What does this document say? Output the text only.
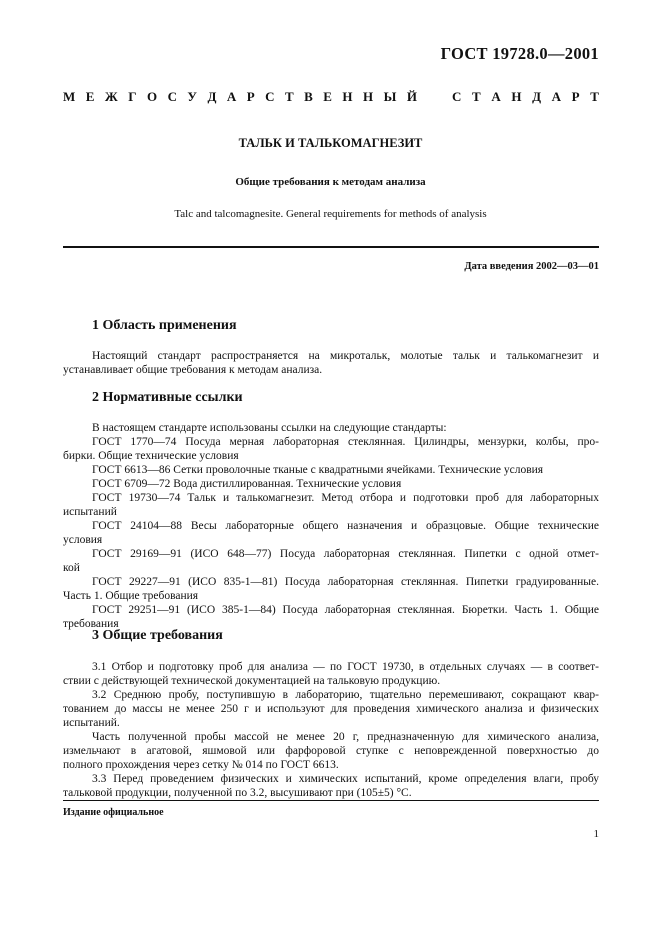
ГОСТ 19728.0—2001
М Е Ж Г О С У Д А Р С Т В Е Н Н Ы Й	С Т А Н Д А Р Т
ТАЛЬК И ТАЛЬКОМАГНЕЗИТ
Общие требования к методам анализа
Talc and talcomagnesite. General requirements for methods of analysis
Дата введения 2002—03—01
1 Область применения
Настоящий стандарт распространяется на микротальк, молотые тальк и талькомагнезит и
устанавливает общие требования к методам анализа.
2 Нормативные ссылки
В настоящем стандарте использованы ссылки на следующие стандарты:
ГОСТ 1770—74 Посуда мерная лабораторная стеклянная. Цилиндры, мензурки, колбы, про-
бирки. Общие технические условия
ГОСТ 6613—86 Сетки проволочные тканые с квадратными ячейками. Технические условия
ГОСТ 6709—72 Вода дистиллированная. Технические условия
ГОСТ 19730—74 Тальк и талькомагнезит. Метод отбора и подготовки проб для лабораторных
испытаний
ГОСТ 24104—88 Весы лабораторные общего назначения и образцовые. Общие технические
условия
ГОСТ 29169—91 (ИСО 648—77) Посуда лабораторная стеклянная. Пипетки с одной отмет-
кой
ГОСТ 29227—91 (ИСО 835-1—81) Посуда лабораторная стеклянная. Пипетки градуированные.
Часть 1. Общие требования
ГОСТ 29251—91 (ИСО 385-1—84) Посуда лабораторная стеклянная. Бюретки. Часть 1. Общие
требования
3 Общие требования
3.1 Отбор и подготовку проб для анализа — по ГОСТ 19730, в отдельных случаях — в соответ-
ствии с действующей технической документацией на тальковую продукцию.
3.2 Среднюю пробу, поступившую в лабораторию, тщательно перемешивают, сокращают квар-
тованием до массы не менее 250 г и используют для проведения химического анализа и физических
испытаний.
Часть полученной пробы массой не менее 20 г, предназначенную для химического анализа,
измельчают в агатовой, яшмовой или фарфоровой ступке с неповрежденной поверхностью до
полного прохождения через сетку № 014 по ГОСТ 6613.
3.3 Перед проведением физических и химических испытаний, кроме определения влаги, пробу
тальковой продукции, полученной по 3.2, высушивают при (105±5) °С.
Издание официальное
1
